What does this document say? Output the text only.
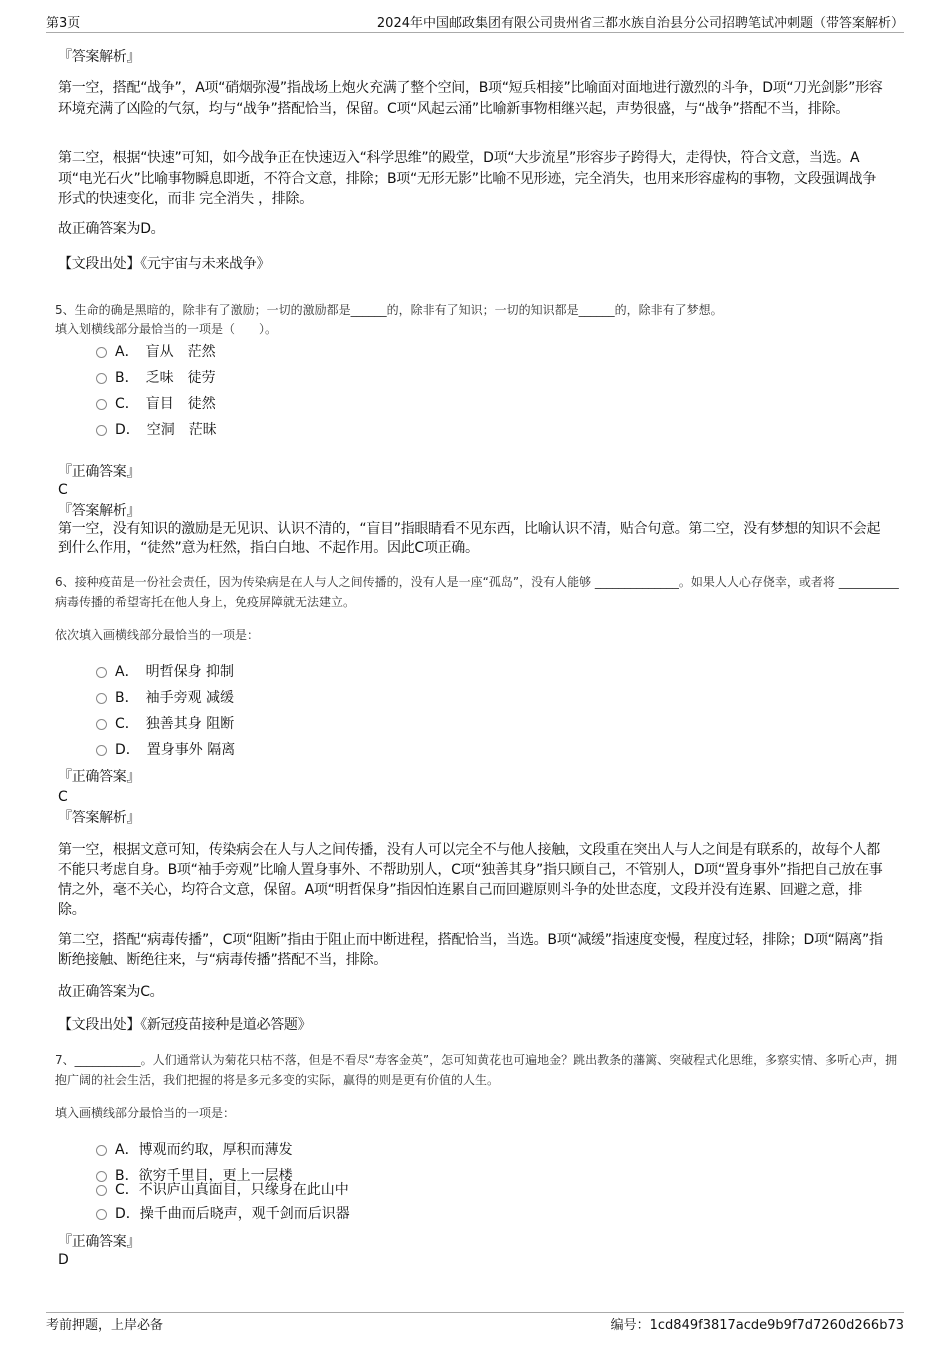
第3页	2024年中国邮政集团有限公司贵州省三都水族自治县分公司招聘笔试冲刺题（带答案解析）
『答案解析』

第一空，搭配“战争”，A项“硝烟弥漫”指战场上炮火充满了整个空间，B项“短兵相接”比喻面对面地进行激烈的斗争，D项“刀光剑影”形容环境充满了凶险的气氛，均与“战争”搭配恰当，保留。C项“风起云涌”比喻新事物相继兴起，声势很盛，与“战争”搭配不当，排除。

第二空，根据“快速”可知，如今战争正在快速迈入“科学思维”的殿堂，D项“大步流星”形容步子跨得大，走得快，符合文意，当选。A项“电光石火”比喻事物瞬息即逝，不符合文意，排除；B项“无形无影”比喻不见形迹，完全消失，也用来形容虚构的事物，文段强调战争形式的快速变化，而非 完全消失 ，排除。

故正确答案为D。
【文段出处】《元宇宙与未来战争》
5、生命的确是黑暗的，除非有了激励；一切的激励都是______的，除非有了知识；一切的知识都是______的，除非有了梦想。
填入划横线部分最恰当的一项是（　　）。
A．　盲从　茫然
B．　乏味　徒劳
C．　盲目　徒然
D．　空洞　茫昧
『正确答案』
C
『答案解析』

第一空，没有知识的激励是无见识、认识不清的，“盲目”指眼睛看不见东西，比喻认识不清，贴合句意。第二空，没有梦想的知识不会起到什么作用，“徒然”意为枉然，指白白地、不起作用。因此C项正确。

6、接种疫苗是一份社会责任，因为传染病是在人与人之间传播的，没有人是一座“孤岛”，没有人能够 ______________。如果人人心存侥幸，或者将 __________病毒传播的希望寄托在他人身上，免疫屏障就无法建立。
依次填入画横线部分最恰当的一项是：
A．　明哲保身 抑制
B．　袖手旁观 减缓
C．　独善其身 阻断
D．　置身事外 隔离
『正确答案』
C
『答案解析』

第一空，根据文意可知，传染病会在人与人之间传播，没有人可以完全不与他人接触，文段重在突出人与人之间是有联系的，故每个人都不能只考虑自身。B项“袖手旁观”比喻人置身事外、不帮助别人，C项“独善其身”指只顾自己，不管别人，D项“置身事外”指把自己放在事情之外，毫不关心，均符合文意，保留。A项“明哲保身”指因怕连累自己而回避原则斗争的处世态度，文段并没有连累、回避之意，排除。

第二空，搭配“病毒传播”，C项“阻断”指由于阻止而中断进程，搭配恰当，当选。B项“减缓”指速度变慢，程度过轻，排除；D项“隔离”指断绝接触、断绝往来，与“病毒传播”搭配不当，排除。

故正确答案为C。
【文段出处】《新冠疫苗接种是道必答题》
7、___________。人们通常认为菊花只枯不落，但是不看尽“寿客金英”，怎可知黄花也可遍地金？跳出教条的藩篱、突破程式化思维，多察实情、多听心声，拥抱广阔的社会生活，我们把握的将是多元多变的实际，赢得的则是更有价值的人生。
填入画横线部分最恰当的一项是：
A．博观而约取，厚积而薄发
B．欲穷千里目，更上一层楼
C．不识庐山真面目，只缘身在此山中
D．操千曲而后晓声，观千剑而后识器
『正确答案』
D
考前押题，上岸必备	编号：1cd849f3817acde9b9f7d7260d266b73
